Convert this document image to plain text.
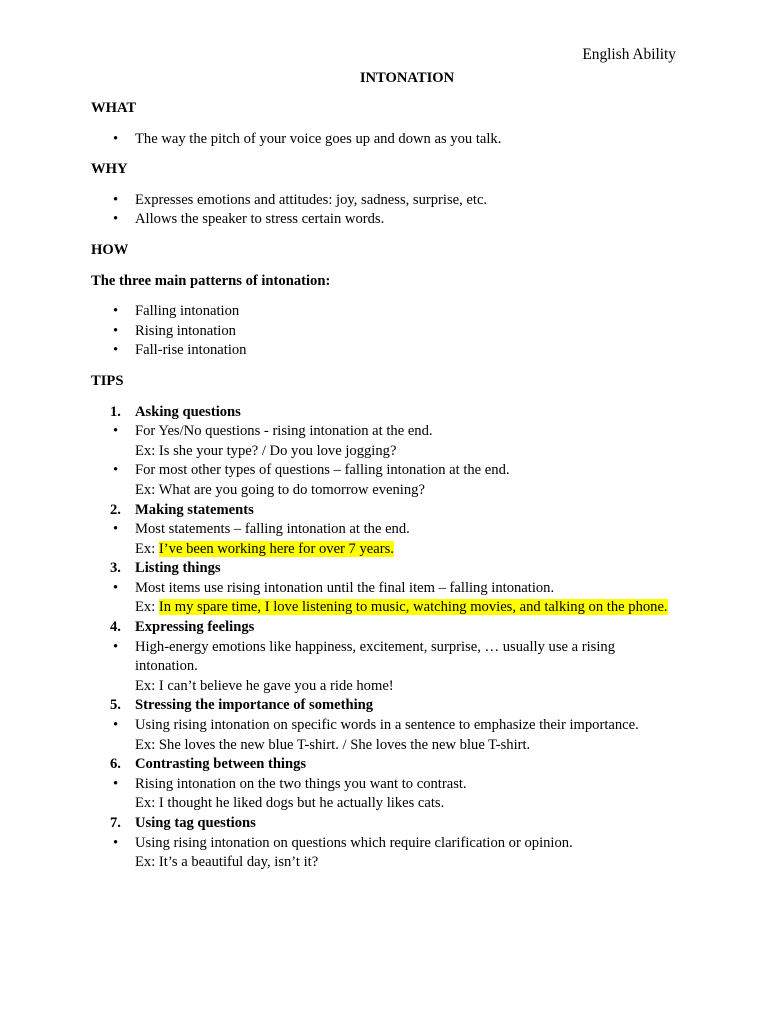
English Ability
INTONATION

WHAT

• The way the pitch of your voice goes up and down as you talk.

WHY

• Expresses emotions and attitudes: joy, sadness, surprise, etc.
• Allows the speaker to stress certain words.

HOW

The three main patterns of intonation:

• Falling intonation
• Rising intonation
• Fall-rise intonation

TIPS

1. Asking questions
• For Yes/No questions - rising intonation at the end.
Ex: Is she your type? / Do you love jogging?
• For most other types of questions – falling intonation at the end.
Ex: What are you going to do tomorrow evening?
2. Making statements
• Most statements – falling intonation at the end.
Ex: I’ve been working here for over 7 years.
3. Listing things
• Most items use rising intonation until the final item – falling intonation.
Ex: In my spare time, I love listening to music, watching movies, and talking on the phone.
4. Expressing feelings
• High-energy emotions like happiness, excitement, surprise, … usually use a rising intonation.
Ex: I can’t believe he gave you a ride home!
5. Stressing the importance of something
• Using rising intonation on specific words in a sentence to emphasize their importance.
Ex: She loves the new blue T-shirt. / She loves the new blue T-shirt.
6. Contrasting between things
• Rising intonation on the two things you want to contrast.
Ex: I thought he liked dogs but he actually likes cats.
7. Using tag questions
• Using rising intonation on questions which require clarification or opinion.
Ex: It’s a beautiful day, isn’t it?
